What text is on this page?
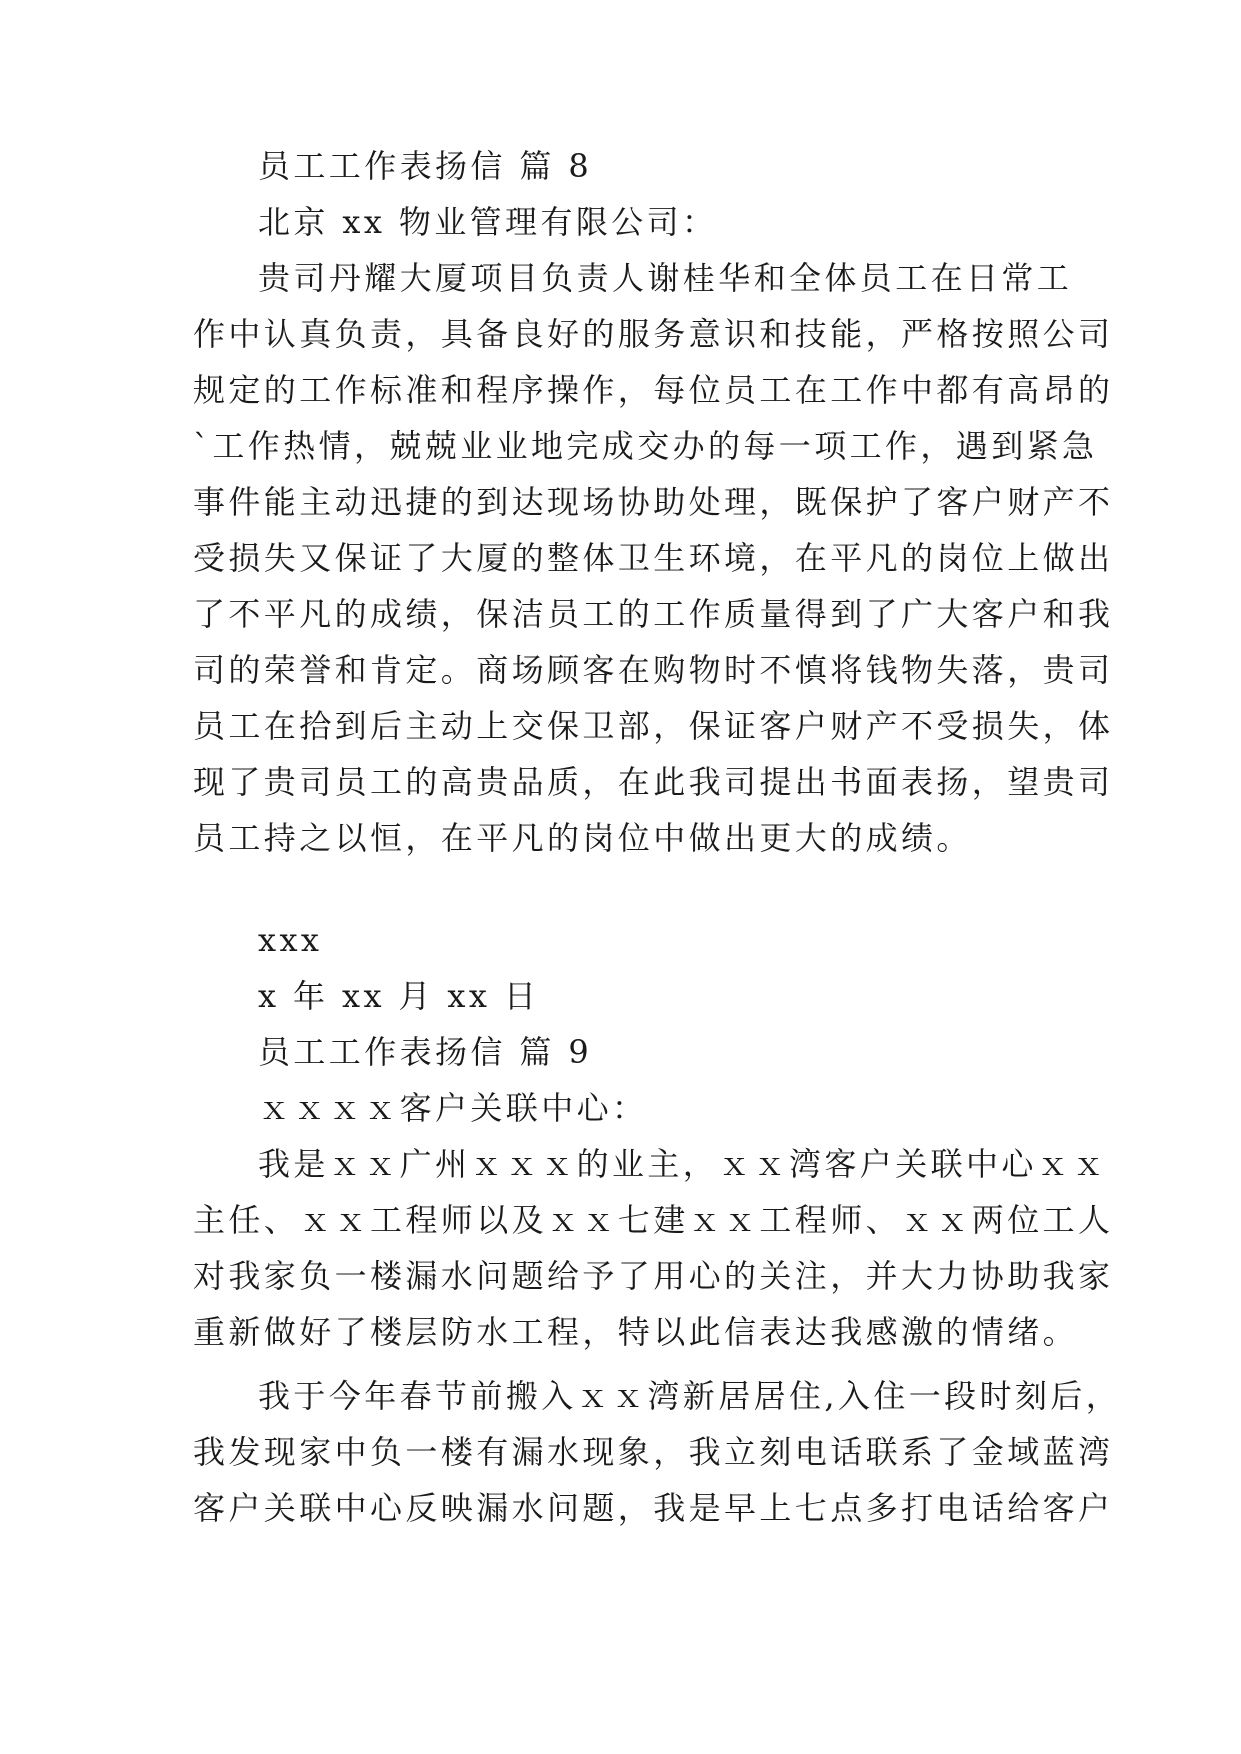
员工工作表扬信 篇 8
北京 xx 物业管理有限公司：
贵司丹耀大厦项目负责人谢桂华和全体员工在日常工
作中认真负责，具备良好的服务意识和技能，严格按照公司
规定的工作标准和程序操作，每位员工在工作中都有高昂的
`工作热情，兢兢业业地完成交办的每一项工作，遇到紧急
事件能主动迅捷的到达现场协助处理，既保护了客户财产不
受损失又保证了大厦的整体卫生环境，在平凡的岗位上做出
了不平凡的成绩，保洁员工的工作质量得到了广大客户和我
司的荣誉和肯定。商场顾客在购物时不慎将钱物失落，贵司
员工在拾到后主动上交保卫部，保证客户财产不受损失，体
现了贵司员工的高贵品质，在此我司提出书面表扬，望贵司
员工持之以恒，在平凡的岗位中做出更大的成绩。
xxx
x 年 xx 月 xx 日
员工工作表扬信 篇 9
ｘｘｘｘ客户关联中心：
我是ｘｘ广州ｘｘｘ的业主，ｘｘ湾客户关联中心ｘｘ
主任、ｘｘ工程师以及ｘｘ七建ｘｘ工程师、ｘｘ两位工人
对我家负一楼漏水问题给予了用心的关注，并大力协助我家
重新做好了楼层防水工程，特以此信表达我感激的情绪。
我于今年春节前搬入ｘｘ湾新居居住,入住一段时刻后，
我发现家中负一楼有漏水现象，我立刻电话联系了金域蓝湾
客户关联中心反映漏水问题，我是早上七点多打电话给客户
